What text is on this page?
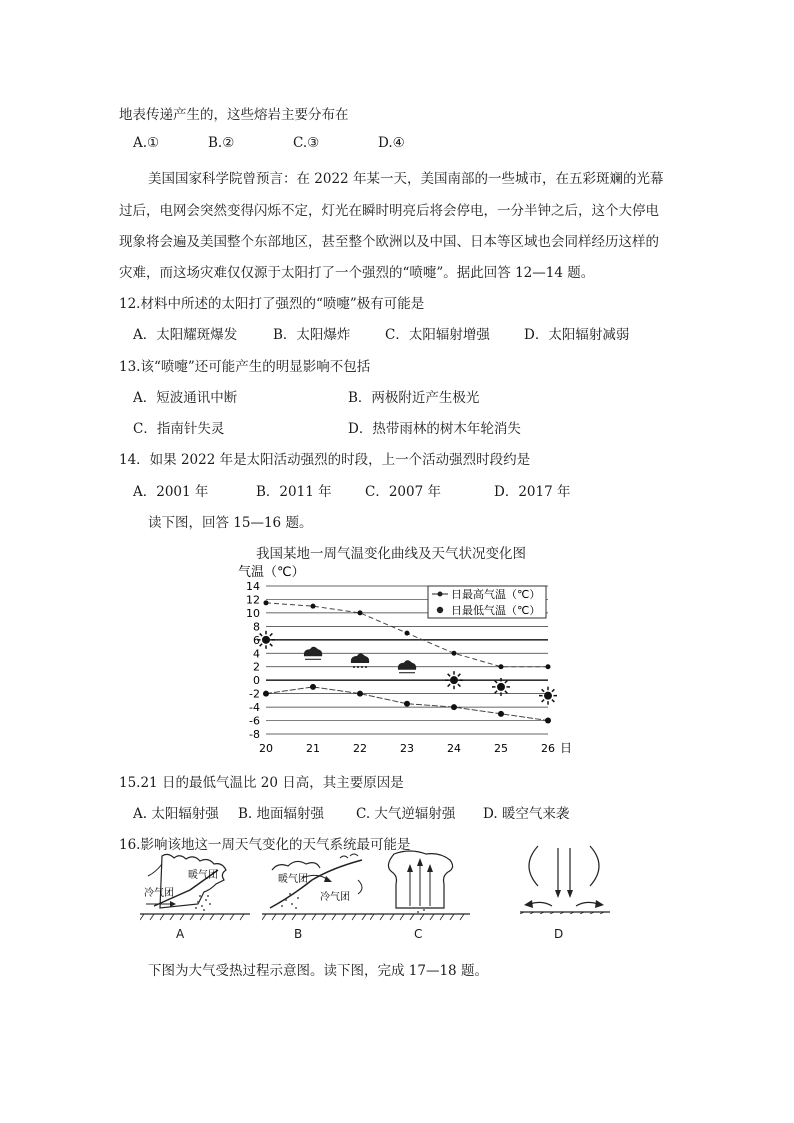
地表传递产生的，这些熔岩主要分布在
A.①	B.②	C.③	D.④
美国国家科学院曾预言：在 2022 年某一天，美国南部的一些城市，在五彩斑斓的光幕
过后，电网会突然变得闪烁不定，灯光在瞬时明亮后将会停电，一分半钟之后，这个大停电
现象将会遍及美国整个东部地区，甚至整个欧洲以及中国、日本等区域也会同样经历这样的
灾难，而这场灾难仅仅源于太阳打了一个强烈的“喷嚏”。据此回答 12—14 题。
12.材料中所述的太阳打了强烈的“喷嚏”极有可能是
A．太阳耀斑爆发	B．太阳爆炸	C．太阳辐射增强	D．太阳辐射减弱
13.该“喷嚏”还可能产生的明显影响不包括
A．短波通讯中断	B．两极附近产生极光
C．指南针失灵	D．热带雨林的树木年轮消失
14．如果 2022 年是太阳活动强烈的时段，上一个活动强烈时段约是
A．2001 年	B．2011 年 C．2007 年	D．2017 年
读下图，回答 15—16 题。
我国某地一周气温变化曲线及天气状况变化图
气温（℃）
14
12
10
8
6
4
2
0
-2
-4
-6
-8
20	21	22	23	24	25	26
日最高气温（℃）
日最低气温（℃）
日
15.21 日的最低气温比 20 日高，其主要原因是
A. 太阳辐射强 B. 地面辐射强 C. 大气逆辐射强 D. 暖空气来袭
16.影响该地这一周天气变化的天气系统最可能是
暖气团
冷气团
A
暖气团
冷气团
B	C	D
下图为大气受热过程示意图。读下图，完成 17—18 题。
